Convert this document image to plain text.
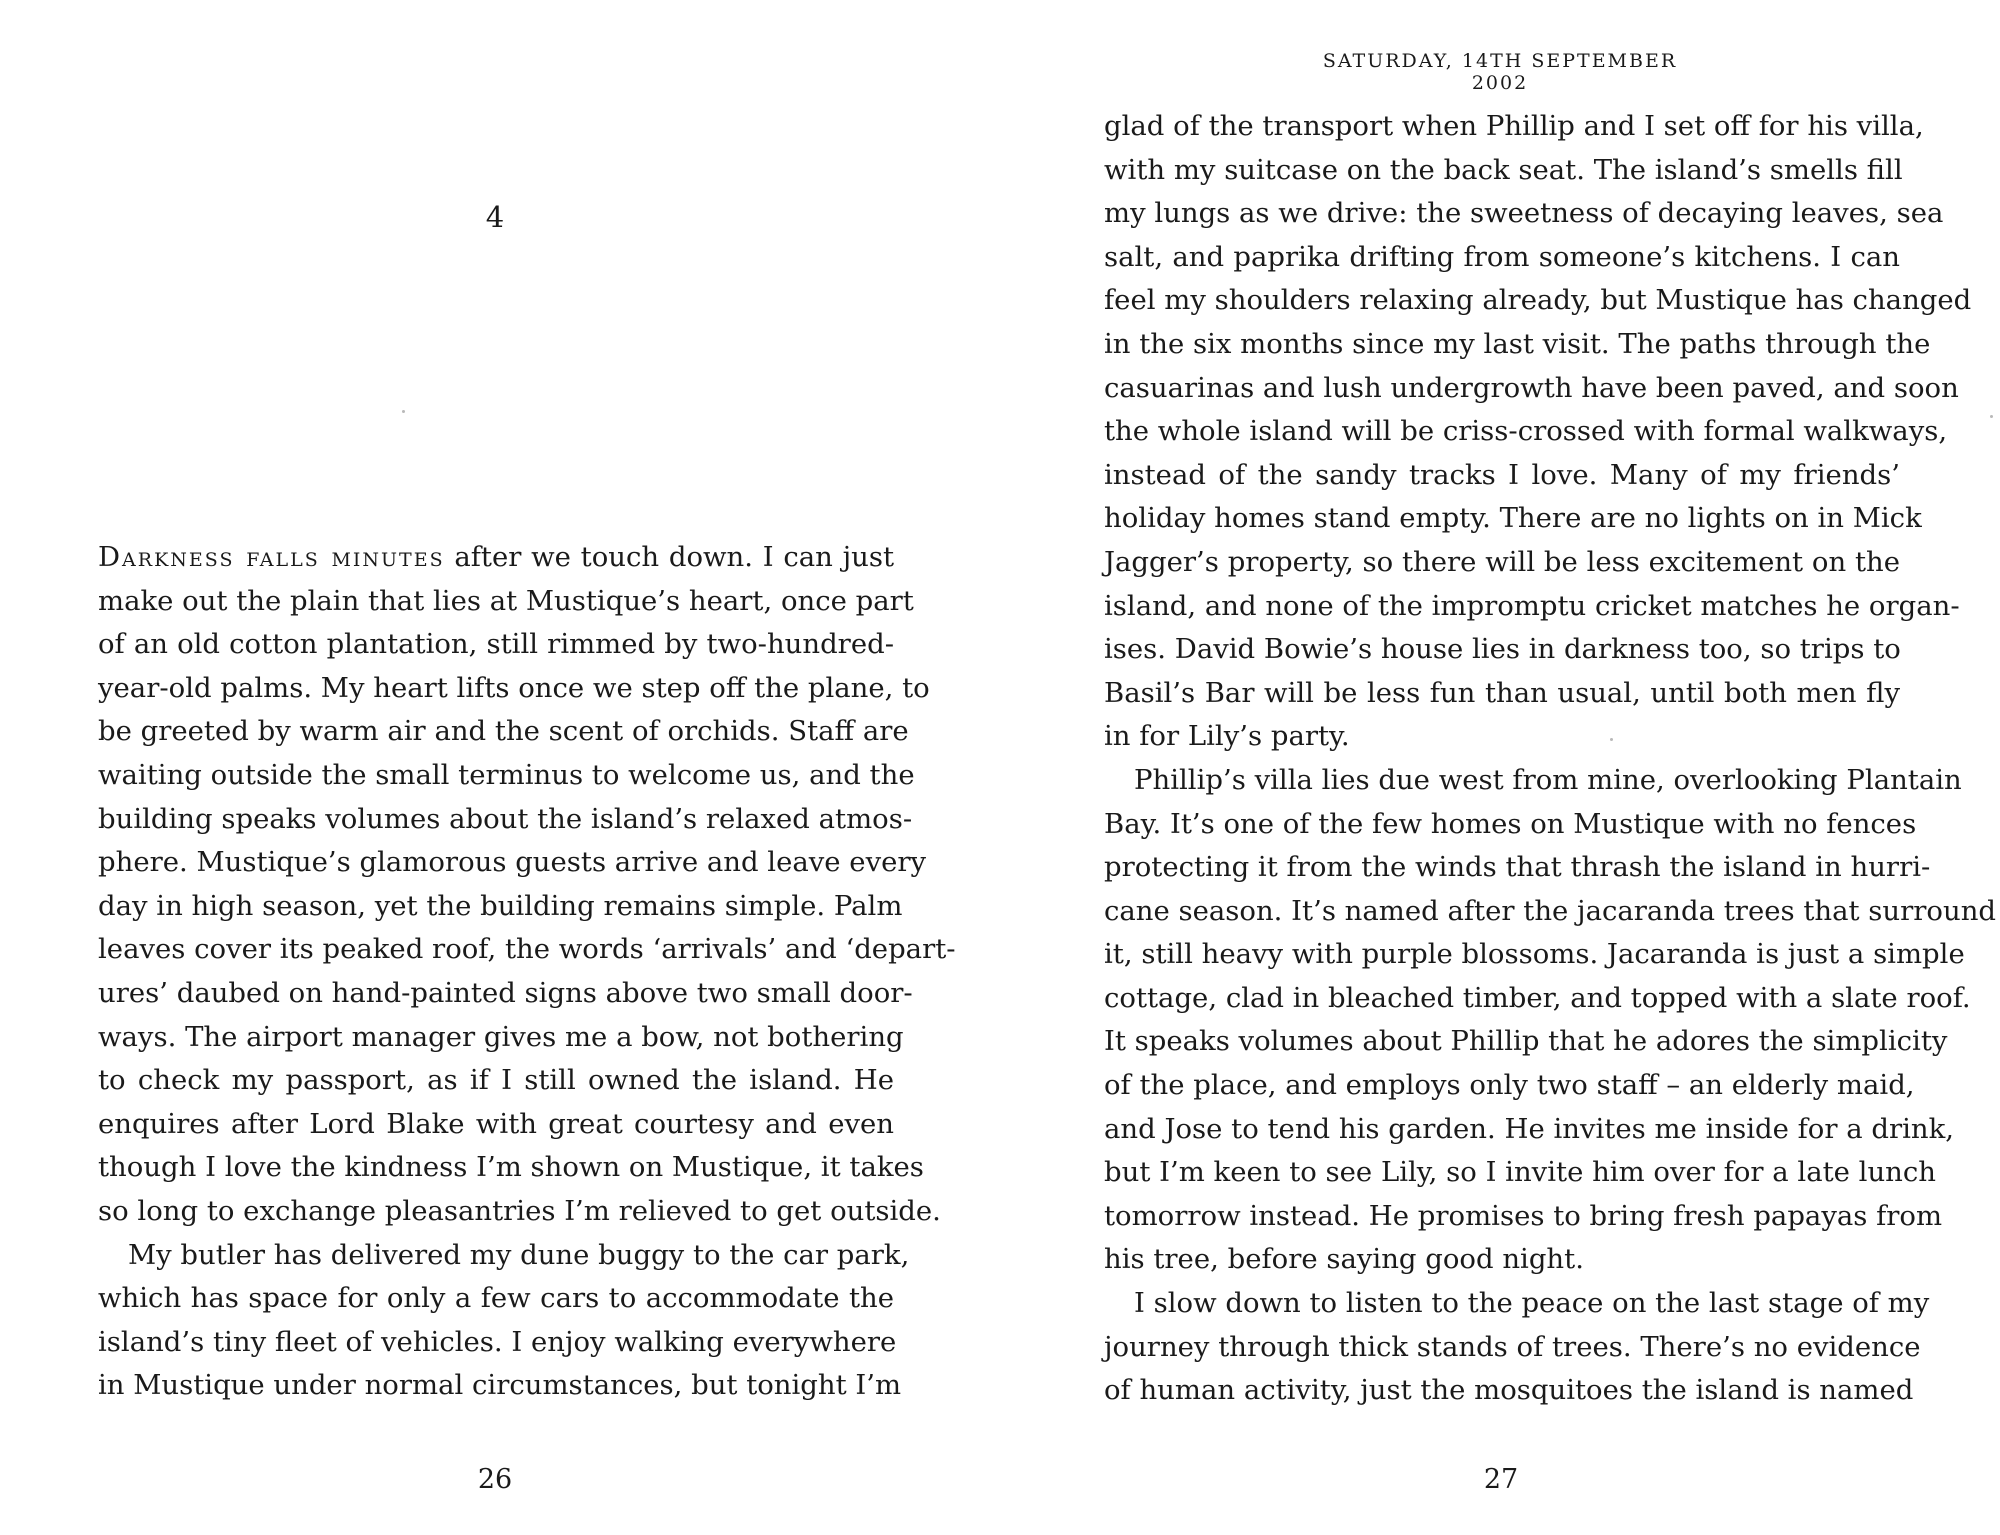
SATURDAY, 14TH SEPTEMBER 2002
4
Darkness falls minutes after we touch down. I can just
make out the plain that lies at Mustique’s heart, once part
of an old cotton plantation, still rimmed by two-hundred-
year-old palms. My heart lifts once we step off the plane, to
be greeted by warm air and the scent of orchids. Staff are
waiting outside the small terminus to welcome us, and the
building speaks volumes about the island’s relaxed atmos-
phere. Mustique’s glamorous guests arrive and leave every
day in high season, yet the building remains simple. Palm
leaves cover its peaked roof, the words ‘arrivals’ and ‘depart-
ures’ daubed on hand-painted signs above two small door-
ways. The airport manager gives me a bow, not bothering
to check my passport, as if I still owned the island. He
enquires after Lord Blake with great courtesy and even
though I love the kindness I’m shown on Mustique, it takes
so long to exchange pleasantries I’m relieved to get outside.
My butler has delivered my dune buggy to the car park,
which has space for only a few cars to accommodate the
island’s tiny fleet of vehicles. I enjoy walking everywhere
in Mustique under normal circumstances, but tonight I’m
glad of the transport when Phillip and I set off for his villa,
with my suitcase on the back seat. The island’s smells fill
my lungs as we drive: the sweetness of decaying leaves, sea
salt, and paprika drifting from someone’s kitchens. I can
feel my shoulders relaxing already, but Mustique has changed
in the six months since my last visit. The paths through the
casuarinas and lush undergrowth have been paved, and soon
the whole island will be criss-crossed with formal walkways,
instead of the sandy tracks I love. Many of my friends’
holiday homes stand empty. There are no lights on in Mick
Jagger’s property, so there will be less excitement on the
island, and none of the impromptu cricket matches he organ-
ises. David Bowie’s house lies in darkness too, so trips to
Basil’s Bar will be less fun than usual, until both men fly
in for Lily’s party.
Phillip’s villa lies due west from mine, overlooking Plantain
Bay. It’s one of the few homes on Mustique with no fences
protecting it from the winds that thrash the island in hurri-
cane season. It’s named after the jacaranda trees that surround
it, still heavy with purple blossoms. Jacaranda is just a simple
cottage, clad in bleached timber, and topped with a slate roof.
It speaks volumes about Phillip that he adores the simplicity
of the place, and employs only two staff – an elderly maid,
and Jose to tend his garden. He invites me inside for a drink,
but I’m keen to see Lily, so I invite him over for a late lunch
tomorrow instead. He promises to bring fresh papayas from
his tree, before saying good night.
I slow down to listen to the peace on the last stage of my
journey through thick stands of trees. There’s no evidence
of human activity, just the mosquitoes the island is named
26	27
